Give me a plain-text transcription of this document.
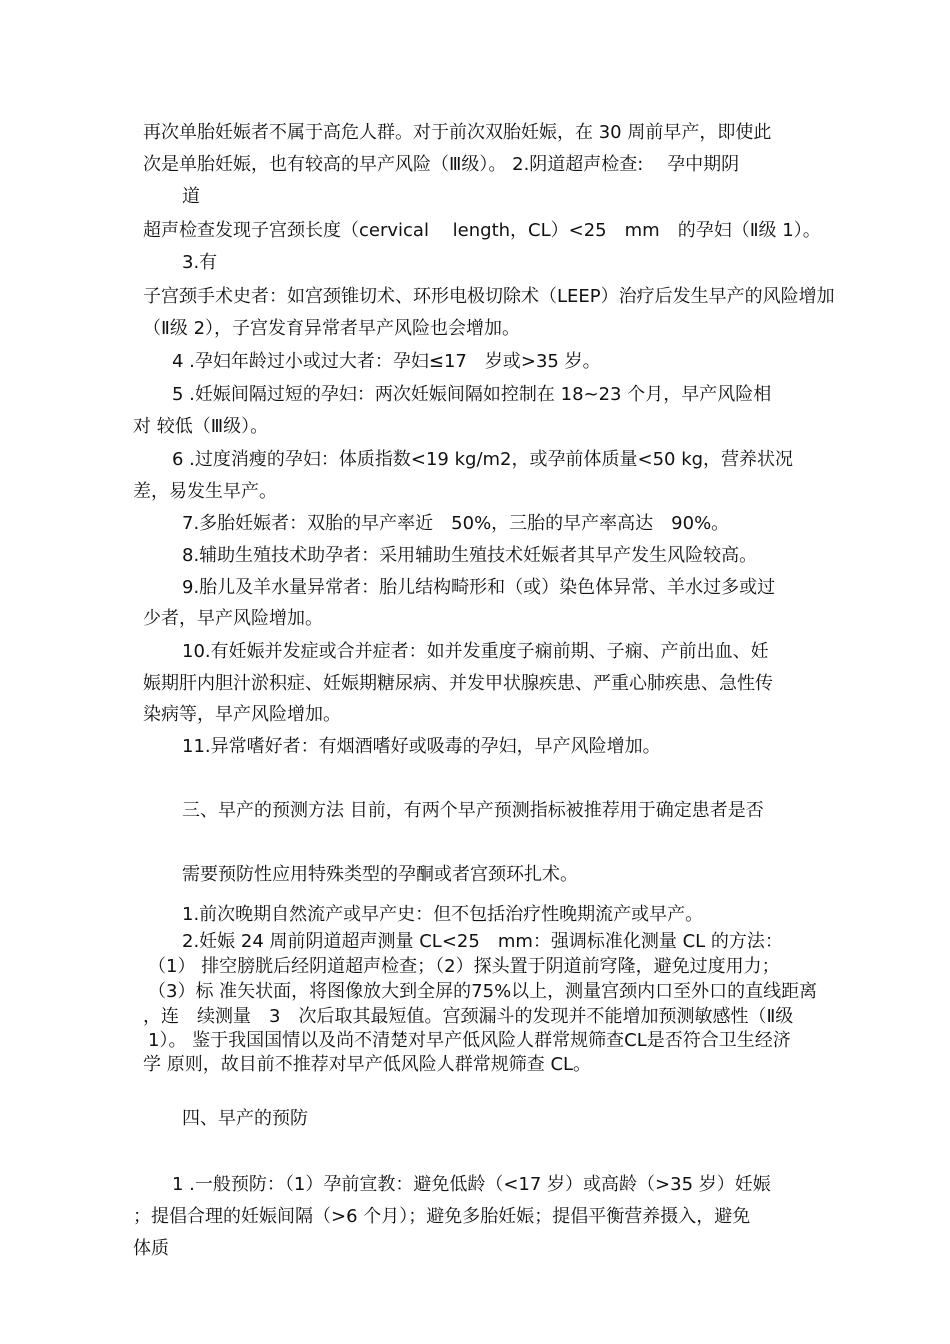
再次单胎妊娠者不属于高危人群。对于前次双胎妊娠，在 30 周前早产，即使此
次是单胎妊娠，也有较高的早产风险（Ⅲ级）。 2.阴道超声检查:　 孕中期阴
道
超声检查发现子宫颈长度（cervical　 length，CL）<25　mm　的孕妇（Ⅱ级 1）。
3.有
子宫颈手术史者：如宫颈锥切术、环形电极切除术（LEEP）治疗后发生早产的风险增加
（Ⅱ级 2），子宫发育异常者早产风险也会增加。
4 .孕妇年龄过小或过大者：孕妇≤17　岁或>35 岁。
5 .妊娠间隔过短的孕妇：两次妊娠间隔如控制在 18~23 个月，早产风险相
对 较低（Ⅲ级）。
6 .过度消瘦的孕妇：体质指数<19 kg/m2，或孕前体质量<50 kg，营养状况
差，易发生早产。
7.多胎妊娠者：双胎的早产率近　50%，三胎的早产率高达　90%。
8.辅助生殖技术助孕者：采用辅助生殖技术妊娠者其早产发生风险较高。
9.胎儿及羊水量异常者：胎儿结构畸形和（或）染色体异常、羊水过多或过
少者，早产风险增加。
10.有妊娠并发症或合并症者：如并发重度子痫前期、子痫、产前出血、妊
娠期肝内胆汁淤积症、妊娠期糖尿病、并发甲状腺疾患、严重心肺疾患、急性传
染病等，早产风险增加。
11.异常嗜好者：有烟酒嗜好或吸毒的孕妇，早产风险增加。
三、早产的预测方法 目前，有两个早产预测指标被推荐用于确定患者是否
需要预防性应用特殊类型的孕酮或者宫颈环扎术。
1.前次晚期自然流产或早产史：但不包括治疗性晚期流产或早产。
2.妊娠 24 周前阴道超声测量 CL<25　mm：强调标准化测量 CL 的方法：
（1） 排空膀胱后经阴道超声检查；（2）探头置于阴道前穹隆，避免过度用力；
（3）标 准矢状面，将图像放大到全屏的75%以上，测量宫颈内口至外口的直线距离
，连　续测量　3　次后取其最短值。宫颈漏斗的发现并不能增加预测敏感性（Ⅱ级
1）。 鉴于我国国情以及尚不清楚对早产低风险人群常规筛查CL是否符合卫生经济
学 原则，故目前不推荐对早产低风险人群常规筛查 CL。
四、早产的预防
1 .一般预防：（1）孕前宣教：避免低龄（<17 岁）或高龄（>35 岁）妊娠
；提倡合理的妊娠间隔（>6 个月）；避免多胎妊娠；提倡平衡营养摄入，避免
体质
